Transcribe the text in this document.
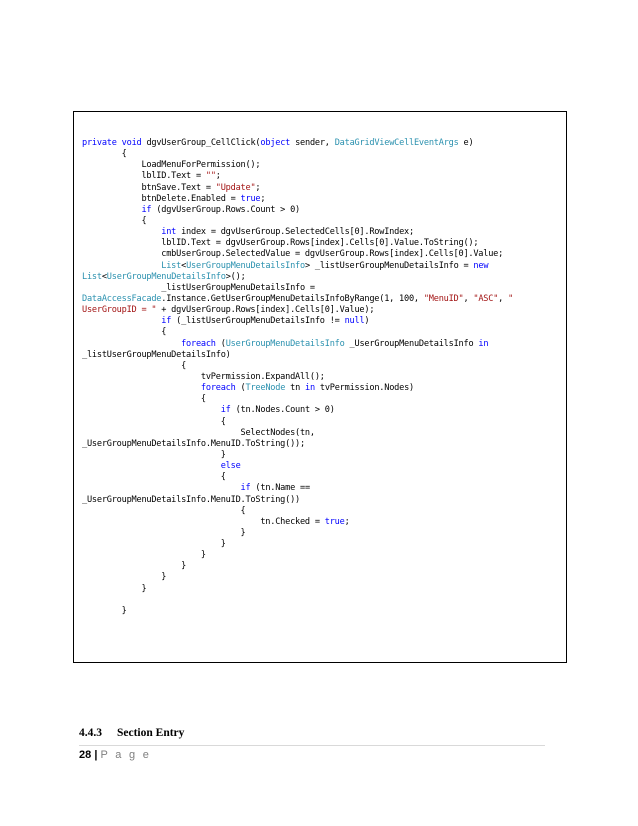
private void dgvUserGroup_CellClick(object sender, DataGridViewCellEventArgs e)
{
LoadMenuForPermission();
lblID.Text = "";
btnSave.Text = "Update";
btnDelete.Enabled = true;
if (dgvUserGroup.Rows.Count > 0)
{
int index = dgvUserGroup.SelectedCells[0].RowIndex;
lblID.Text = dgvUserGroup.Rows[index].Cells[0].Value.ToString();
cmbUserGroup.SelectedValue = dgvUserGroup.Rows[index].Cells[0].Value;
List<UserGroupMenuDetailsInfo> _listUserGroupMenuDetailsInfo = new
List<UserGroupMenuDetailsInfo>();
_listUserGroupMenuDetailsInfo =
DataAccessFacade.Instance.GetUserGroupMenuDetailsInfoByRange(1, 100, "MenuID", "ASC", "
UserGroupID = " + dgvUserGroup.Rows[index].Cells[0].Value);
if (_listUserGroupMenuDetailsInfo != null)
{
foreach (UserGroupMenuDetailsInfo _UserGroupMenuDetailsInfo in
_listUserGroupMenuDetailsInfo)
{
tvPermission.ExpandAll();
foreach (TreeNode tn in tvPermission.Nodes)
{
if (tn.Nodes.Count > 0)
{
SelectNodes(tn,
_UserGroupMenuDetailsInfo.MenuID.ToString());
}
else
{
if (tn.Name ==
_UserGroupMenuDetailsInfo.MenuID.ToString())
{
tn.Checked = true;
}
}
}
}
}
}
}
4.4.3 Section Entry
28 | P a g e
